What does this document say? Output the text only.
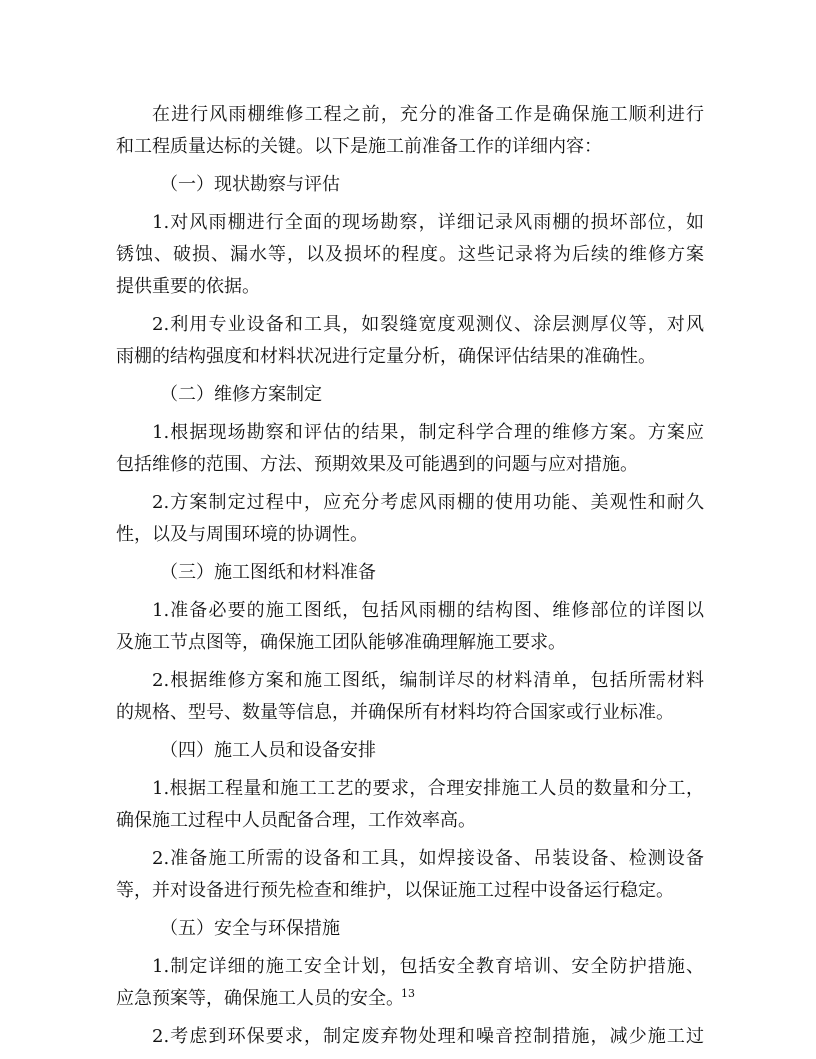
在进行风雨棚维修工程之前，充分的准备工作是确保施工顺利进行
和工程质量达标的关键。以下是施工前准备工作的详细内容：
（一）现状勘察与评估
1.对风雨棚进行全面的现场勘察，详细记录风雨棚的损坏部位，如
锈蚀、破损、漏水等，以及损坏的程度。这些记录将为后续的维修方案
提供重要的依据。
2.利用专业设备和工具，如裂缝宽度观测仪、涂层测厚仪等，对风
雨棚的结构强度和材料状况进行定量分析，确保评估结果的准确性。
（二）维修方案制定
1.根据现场勘察和评估的结果，制定科学合理的维修方案。方案应
包括维修的范围、方法、预期效果及可能遇到的问题与应对措施。
2.方案制定过程中，应充分考虑风雨棚的使用功能、美观性和耐久
性，以及与周围环境的协调性。
（三）施工图纸和材料准备
1.准备必要的施工图纸，包括风雨棚的结构图、维修部位的详图以
及施工节点图等，确保施工团队能够准确理解施工要求。
2.根据维修方案和施工图纸，编制详尽的材料清单，包括所需材料
的规格、型号、数量等信息，并确保所有材料均符合国家或行业标准。
（四）施工人员和设备安排
1.根据工程量和施工工艺的要求，合理安排施工人员的数量和分工，
确保施工过程中人员配备合理，工作效率高。
2.准备施工所需的设备和工具，如焊接设备、吊装设备、检测设备
等，并对设备进行预先检查和维护，以保证施工过程中设备运行稳定。
（五）安全与环保措施
1.制定详细的施工安全计划，包括安全教育培训、安全防护措施、
应急预案等，确保施工人员的安全。
2.考虑到环保要求，制定废弃物处理和噪音控制措施，减少施工过
13
